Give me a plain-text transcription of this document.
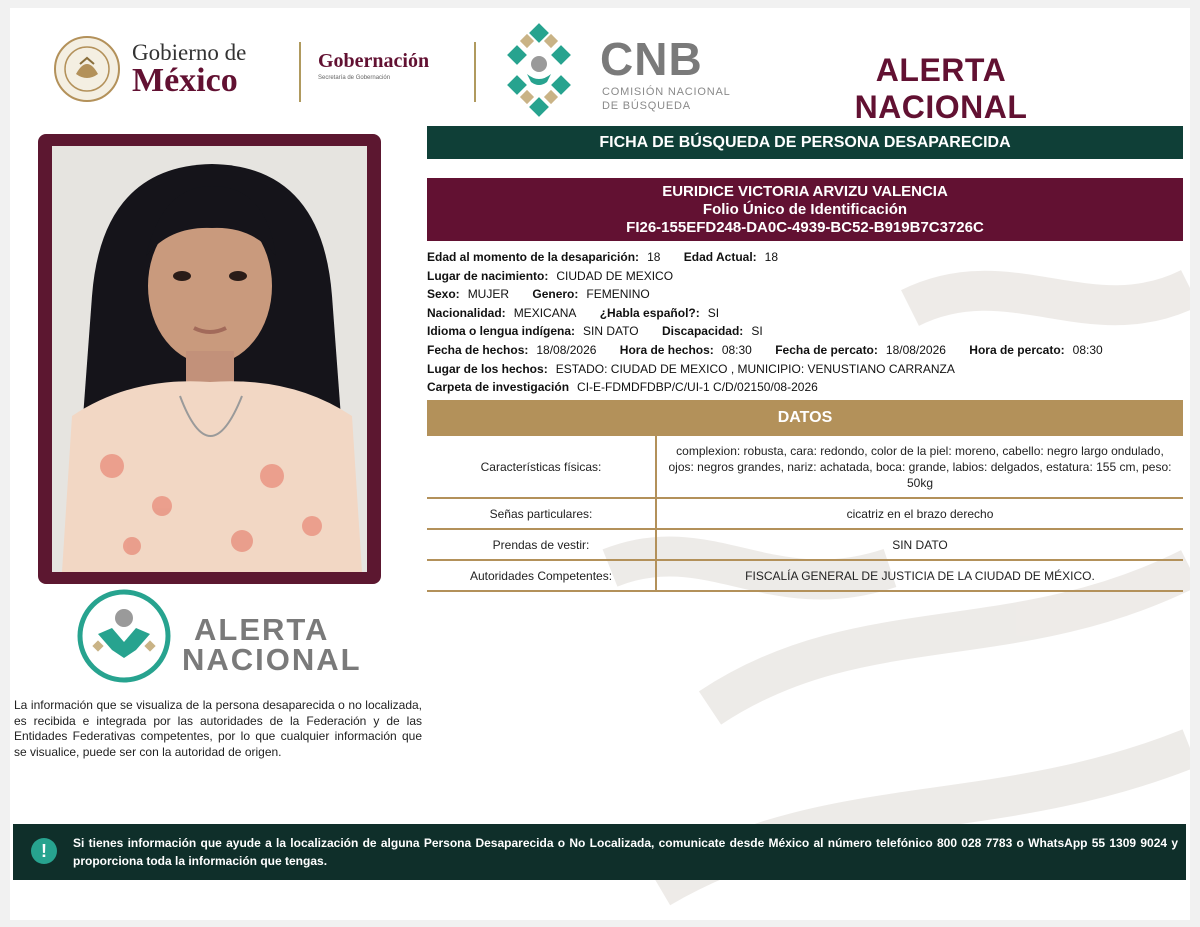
Gobierno de
México
Gobernación
Secretaría de Gobernación	CNB
COMISIÓN NACIONAL
DE BÚSQUEDA
ALERTA NACIONAL
ALERTA
NACIONAL
La información que se visualiza de la persona desaparecida o no localizada, es recibida e integrada por las autoridades de la Federación y de las Entidades Federativas competentes, por lo que cualquier información que se visualice, puede ser con la autoridad de origen.
FICHA DE BÚSQUEDA DE PERSONA DESAPARECIDA
EURIDICE VICTORIA ARVIZU VALENCIA
Folio Único de Identificación
FI26-155EFD248-DA0C-4939-BC52-B919B7C3726C
Edad al momento de la desaparición: 18 Edad Actual: 18
Lugar de nacimiento: CIUDAD DE MEXICO
Sexo: MUJER Genero: FEMENINO
Nacionalidad: MEXICANA ¿Habla español?: SI
Idioma o lengua indígena: SIN DATO Discapacidad: SI
Fecha de hechos: 18/08/2026 Hora de hechos: 08:30 Fecha de percato: 18/08/2026 Hora de percato: 08:30
Lugar de los hechos: ESTADO: CIUDAD DE MEXICO , MUNICIPIO: VENUSTIANO CARRANZA
Carpeta de investigación CI-E-FDMDFDBP/C/UI-1 C/D/02150/08-2026
DATOS
Características físicas:	complexion: robusta, cara: redondo, color de la piel: moreno, cabello: negro largo ondulado, ojos: negros grandes, nariz: achatada, boca: grande, labios: delgados, estatura: 155 cm, peso: 50kg
Señas particulares:	cicatriz en el brazo derecho
Prendas de vestir:	SIN DATO
Autoridades Competentes:	FISCALÍA GENERAL DE JUSTICIA DE LA CIUDAD DE MÉXICO.
!	Si tienes información que ayude a la localización de alguna Persona Desaparecida o No Localizada, comunicate desde México al número telefónico 800 028 7783 o WhatsApp 55 1309 9024 y proporciona toda la información que tengas.
